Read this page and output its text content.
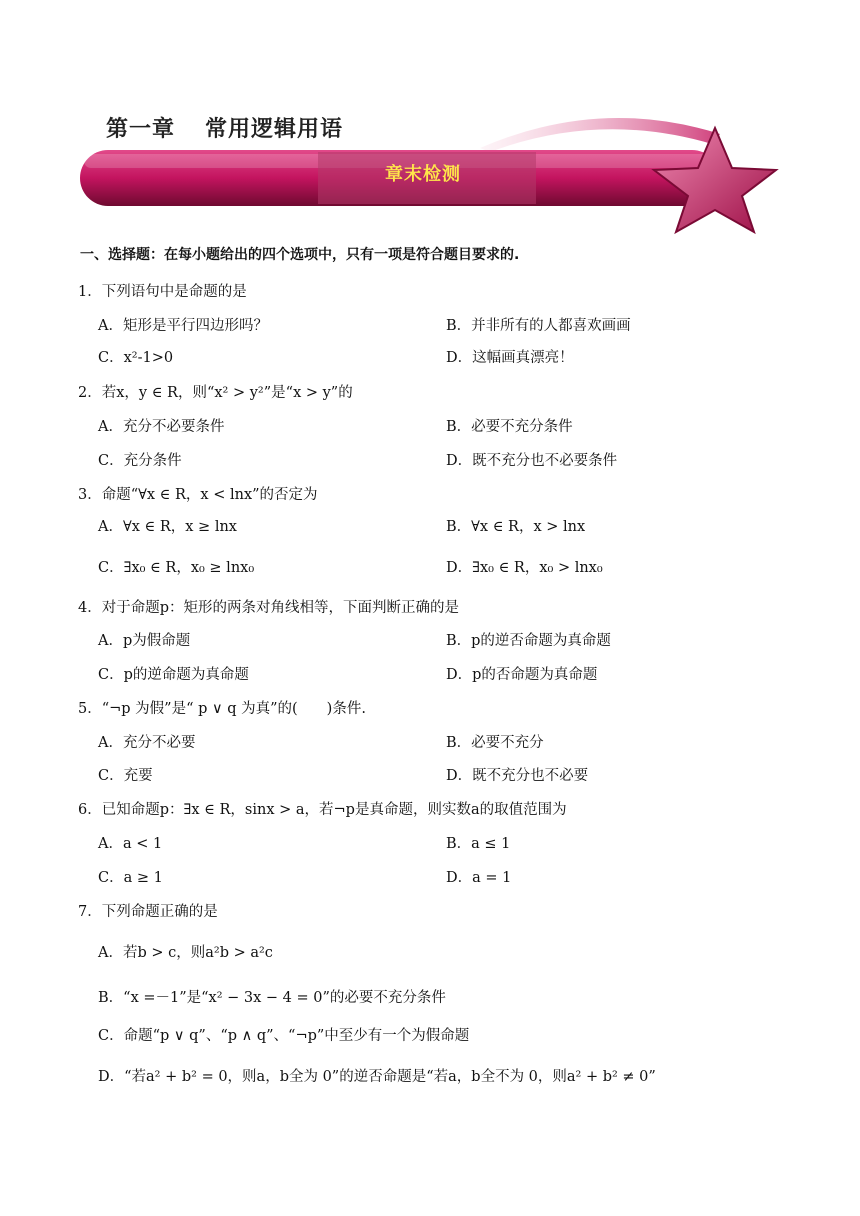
第一章 常用逻辑用语
章末检测
一、选择题：在每小题给出的四个选项中，只有一项是符合题目要求的.
1．下列语句中是命题的是
A．矩形是平行四边形吗？	B．并非所有的人都喜欢画画
C．x²-1>0	D．这幅画真漂亮！
2．若x，y ∈ R，则“x² > y²”是“x > y”的
A．充分不必要条件	B．必要不充分条件
C．充分条件	D．既不充分也不必要条件
3．命题“∀x ∈ R，x < lnx”的否定为
A．∀x ∈ R，x ≥ lnx	B．∀x ∈ R，x > lnx
C．∃x₀ ∈ R，x₀ ≥ lnx₀	D．∃x₀ ∈ R，x₀ > lnx₀
4．对于命题p：矩形的两条对角线相等，下面判断正确的是
A．p为假命题	B．p的逆否命题为真命题
C．p的逆命题为真命题	D．p的否命题为真命题
5．“¬p 为假”是“ p ∨ q 为真”的(　　)条件.
A．充分不必要	B．必要不充分
C．充要	D．既不充分也不必要
6．已知命题p：∃x ∈ R，sinx > a，若¬p是真命题，则实数a的取值范围为
A．a < 1	B．a ≤ 1
C．a ≥ 1	D．a = 1
7．下列命题正确的是
A．若b > c，则a²b > a²c
B．“x =－1”是“x² − 3x − 4 = 0”的必要不充分条件
C．命题“p ∨ q”、“p ∧ q”、“¬p”中至少有一个为假命题
D．“若a² + b² = 0，则a，b全为 0”的逆否命题是“若a，b全不为 0，则a² + b² ≠ 0”
